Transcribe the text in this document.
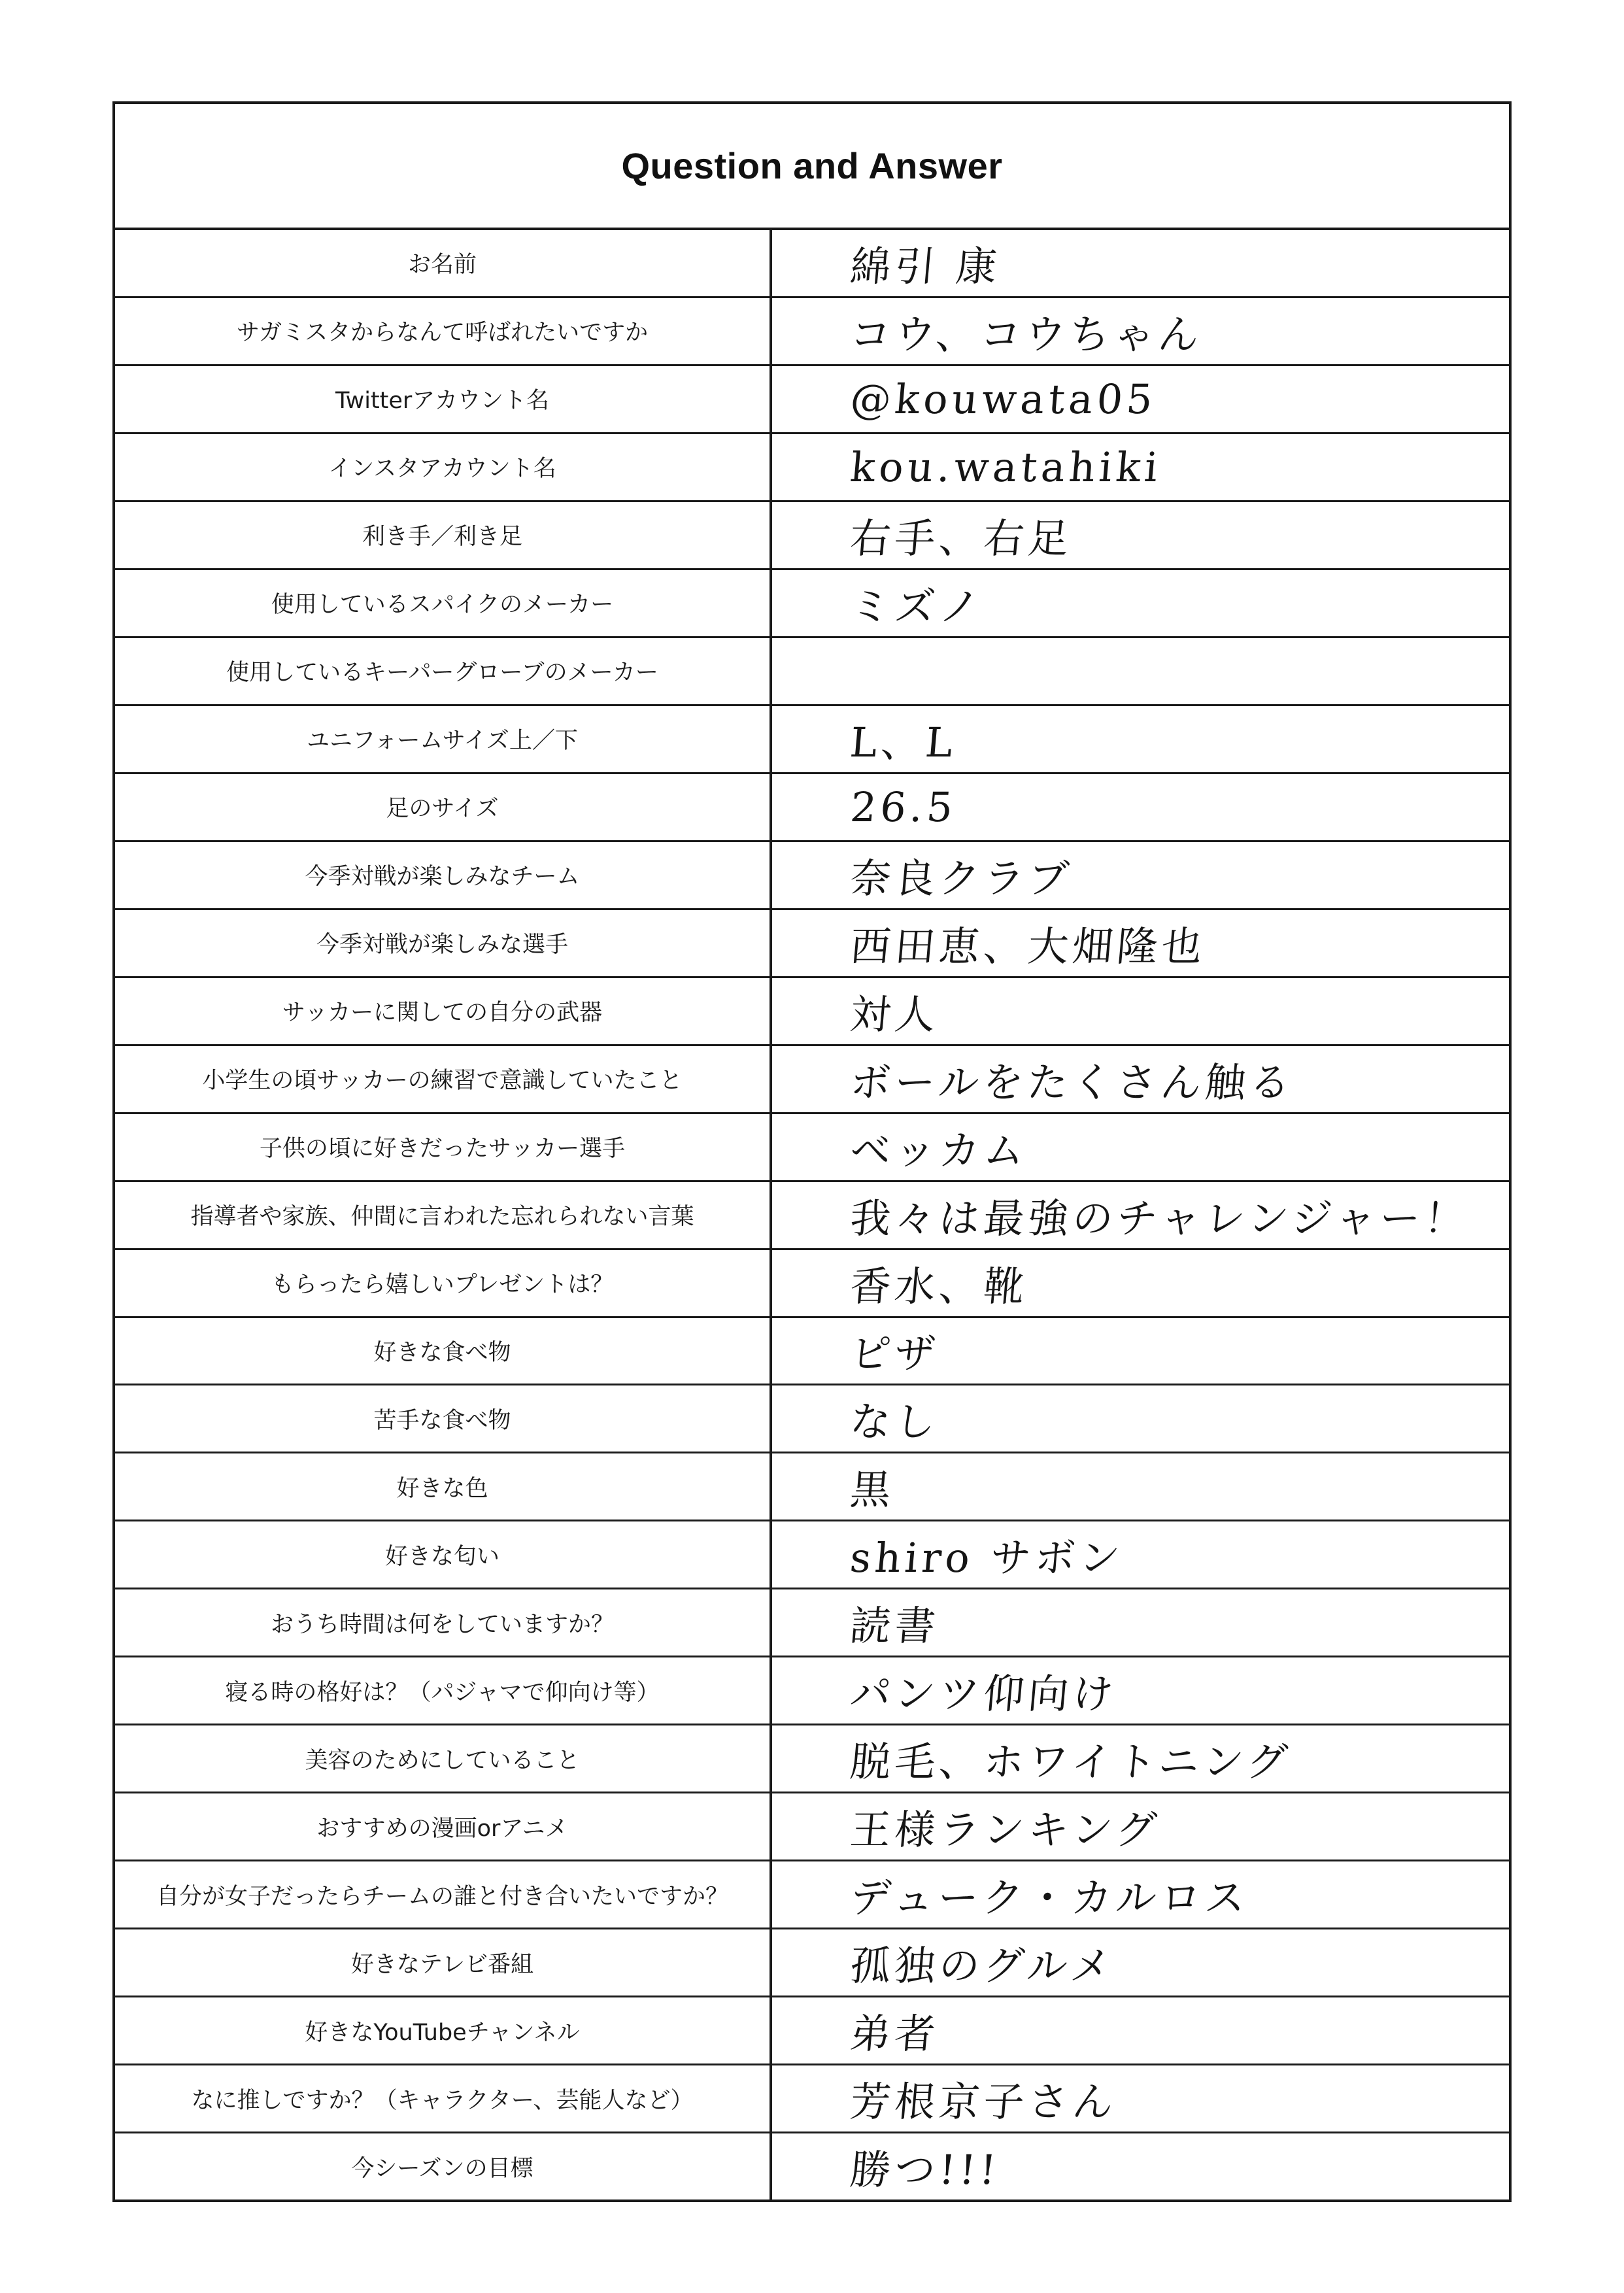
Question and Answer
お名前	綿引 康
サガミスタからなんて呼ばれたいですか	コウ、コウちゃん
Twitterアカウント名	@kouwata05
インスタアカウント名	kou.watahiki
利き手／利き足	右手、右足
使用しているスパイクのメーカー	ミズノ
使用しているキーパーグローブのメーカー
ユニフォームサイズ上／下	L、L
足のサイズ	26.5
今季対戦が楽しみなチーム	奈良クラブ
今季対戦が楽しみな選手	西田恵、大畑隆也
サッカーに関しての自分の武器	対人
小学生の頃サッカーの練習で意識していたこと	ボールをたくさん触る
子供の頃に好きだったサッカー選手	ベッカム
指導者や家族、仲間に言われた忘れられない言葉	我々は最強のチャレンジャー！
もらったら嬉しいプレゼントは？	香水、靴
好きな食べ物	ピザ
苦手な食べ物	なし
好きな色	黒
好きな匂い	shiro サボン
おうち時間は何をしていますか？	読書
寝る時の格好は？（パジャマで仰向け等）	パンツ仰向け
美容のためにしていること	脱毛、ホワイトニング
おすすめの漫画orアニメ	王様ランキング
自分が女子だったらチームの誰と付き合いたいですか？	デューク・カルロス
好きなテレビ番組	孤独のグルメ
好きなYouTubeチャンネル	弟者
なに推しですか？（キャラクター、芸能人など）	芳根京子さん
今シーズンの目標	勝つ!!!
